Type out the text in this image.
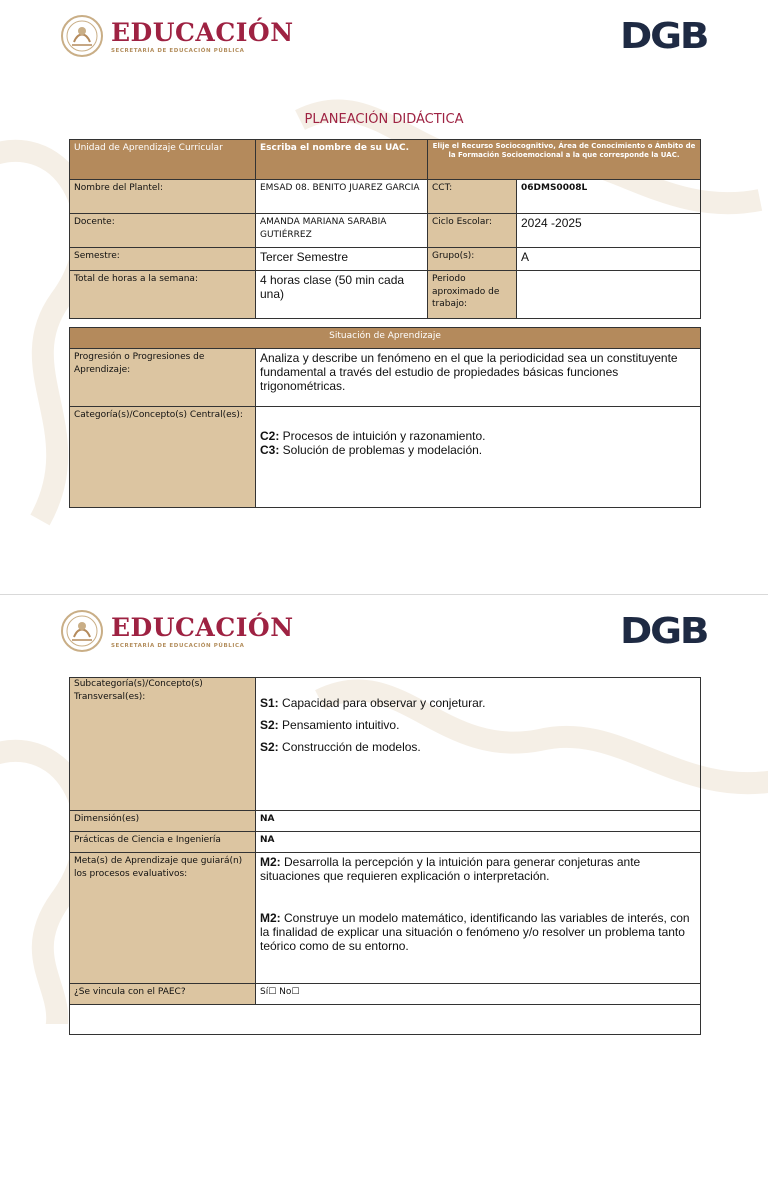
EDUCACIÓN
SECRETARÍA DE EDUCACIÓN PÚBLICA	DGB
PLANEACIÓN DIDÁCTICA
Unidad de Aprendizaje Curricular	Escriba el nombre de su UAC.	Elije el Recurso Sociocognitivo, Área de Conocimiento o Ámbito de la Formación Socioemocional a la que corresponde la UAC.	
Nombre del Plantel:	EMSAD 08. BENITO JUAREZ GARCIA	CCT:	06DMS0008L
Docente:	AMANDA MARIANA SARABIA GUTIÉRREZ	Ciclo Escolar:	2024 -2025
Semestre:	Tercer Semestre	Grupo(s):	A
Total de horas a la semana:	4 horas clase (50 min cada una)	Periodo aproximado de trabajo:	
Situación de Aprendizaje	
Progresión o Progresiones de Aprendizaje:	Analiza y describe un fenómeno en el que la periodicidad sea un constituyente fundamental a través del estudio de propiedades básicas funciones trigonométricas.
Categoría(s)/Concepto(s) Central(es):	C2: Procesos de intuición y razonamiento.

C3: Solución de problemas y modelación.

EDUCACIÓN
SECRETARÍA DE EDUCACIÓN PÚBLICA	DGB
Subcategoría(s)/Concepto(s) Transversal(es):	S1: Capacidad para observar y conjeturar.

S2: Pensamiento intuitivo.

S2: Construcción de modelos.

Dimensión(es)	NA
Prácticas de Ciencia e Ingeniería	NA
Meta(s) de Aprendizaje que guiará(n) los procesos evaluativos:	M2: Desarrolla la percepción y la intuición para generar conjeturas ante situaciones que requieren explicación o interpretación.

M2: Construye un modelo matemático, identificando las variables de interés, con la finalidad de explicar una situación o fenómeno y/o resolver un problema tanto teórico como de su entorno.

¿Se vincula con el PAEC?	Sí☐ No☐
